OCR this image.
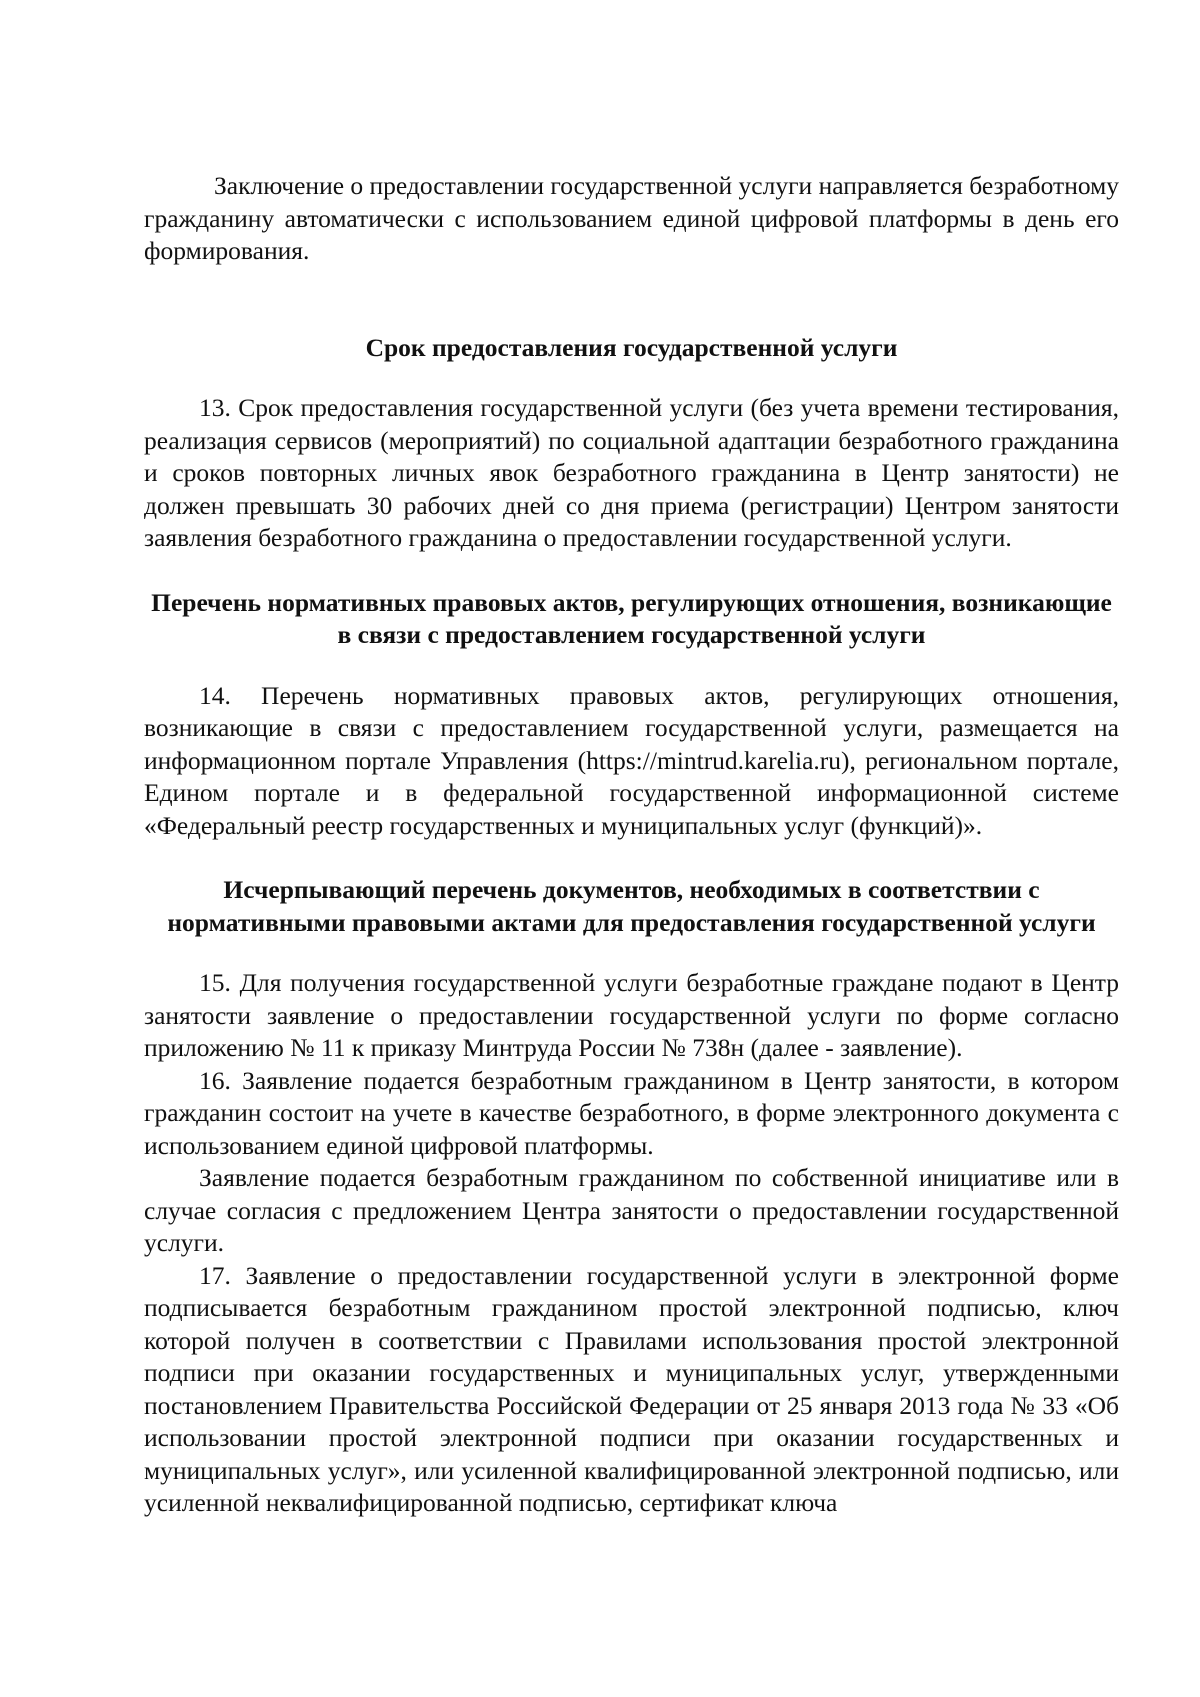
Заключение о предоставлении государственной услуги направляется безработному гражданину автоматически с использованием единой цифровой платформы в день его формирования.

Срок предоставления государственной услуги

13. Срок предоставления государственной услуги (без учета времени тестирования, реализация сервисов (мероприятий) по социальной адаптации безработного гражданина и сроков повторных личных явок безработного гражданина в Центр занятости) не должен превышать 30 рабочих дней со дня приема (регистрации) Центром занятости заявления безработного гражданина о предоставлении государственной услуги.

Перечень нормативных правовых актов, регулирующих отношения, возникающие в связи с предоставлением государственной услуги

14. Перечень нормативных правовых актов, регулирующих отношения, возникающие в связи с предоставлением государственной услуги, размещается на информационном портале Управления (https://mintrud.karelia.ru), региональном портале, Едином портале и в федеральной государственной информационной системе «Федеральный реестр государственных и муниципальных услуг (функций)».

Исчерпывающий перечень документов, необходимых в соответствии с нормативными правовыми актами для предоставления государственной услуги

15. Для получения государственной услуги безработные граждане подают в Центр занятости заявление о предоставлении государственной услуги по форме согласно приложению № 11 к приказу Минтруда России № 738н (далее - заявление).

16. Заявление подается безработным гражданином в Центр занятости, в котором гражданин состоит на учете в качестве безработного, в форме электронного документа с использованием единой цифровой платформы.

Заявление подается безработным гражданином по собственной инициативе или в случае согласия с предложением Центра занятости о предоставлении государственной услуги.

17. Заявление о предоставлении государственной услуги в электронной форме подписывается безработным гражданином простой электронной подписью, ключ которой получен в соответствии с Правилами использования простой электронной подписи при оказании государственных и муниципальных услуг, утвержденными постановлением Правительства Российской Федерации от 25 января 2013 года № 33 «Об использовании простой электронной подписи при оказании государственных и муниципальных услуг», или усиленной квалифицированной электронной подписью, или усиленной неквалифицированной подписью, сертификат ключа
